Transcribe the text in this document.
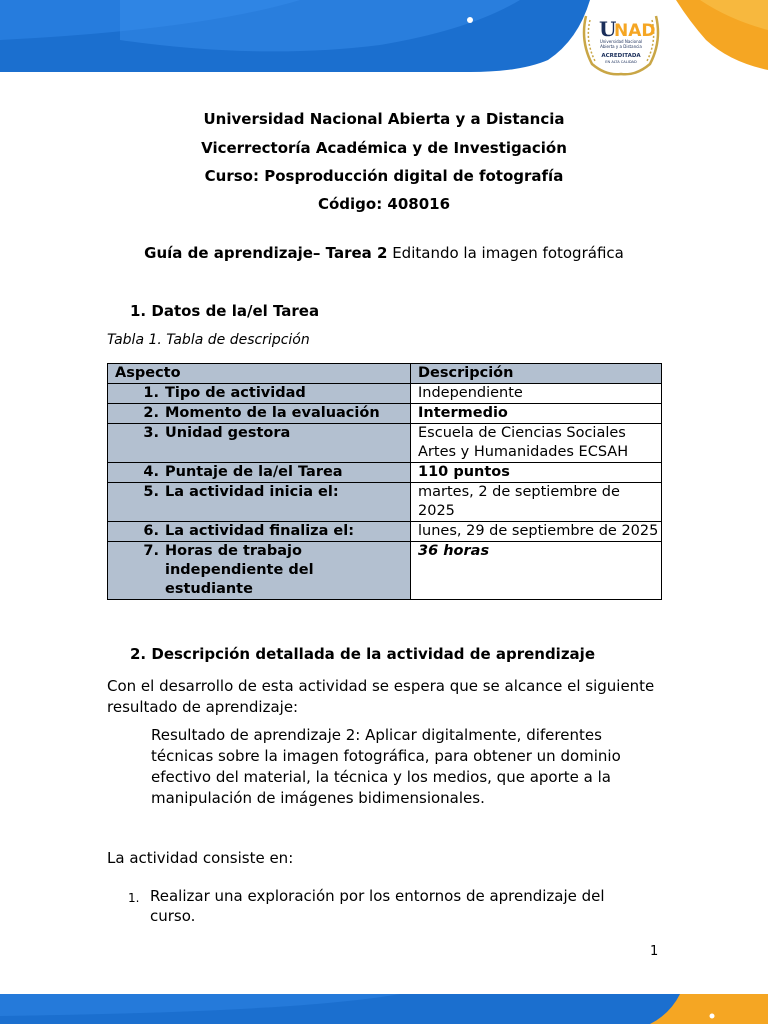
U
NAD
Universidad Nacional
Abierta y a Distancia
ACREDITADA
EN ALTA CALIDAD
Universidad Nacional Abierta y a Distancia
Vicerrectoría Académica y de Investigación
Curso: Posproducción digital de fotografía
Código: 408016
Guía de aprendizaje– Tarea 2 Editando la imagen fotográfica
1. Datos de la/el Tarea
Tabla 1. Tabla de descripción
Aspecto	Descripción
1. Tipo de actividad	Independiente
2. Momento de la evaluación	Intermedio
3. Unidad gestora	Escuela de Ciencias Sociales Artes y Humanidades ECSAH
4. Puntaje de la/el Tarea	110 puntos
5. La actividad inicia el:	martes, 2 de septiembre de 2025
6. La actividad finaliza el:	lunes, 29 de septiembre de 2025
7. Horas de trabajo independiente del estudiante	36 horas
2. Descripción detallada de la actividad de aprendizaje
Con el desarrollo de esta actividad se espera que se alcance el siguiente resultado de aprendizaje:
Resultado de aprendizaje 2: Aplicar digitalmente, diferentes técnicas sobre la imagen fotográfica, para obtener un dominio efectivo del material, la técnica y los medios, que aporte a la manipulación de imágenes bidimensionales.
La actividad consiste en:
1. Realizar una exploración por los entornos de aprendizaje del curso.
1
